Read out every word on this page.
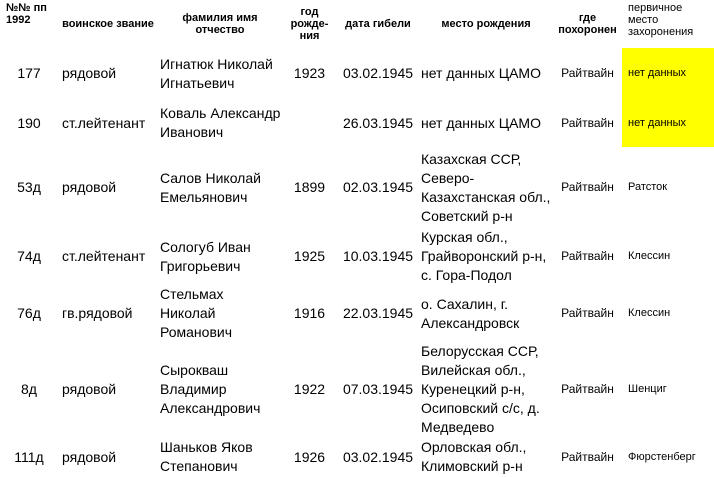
№№ пп 1992	воинское звание	фамилия имя отчество	год рожде-ния	дата гибели	место рождения	где похоронен	первичное место захоронения
177	рядовой	Игнатюк Николай Игнатьевич	1923	03.02.1945	нет данных ЦАМО	Райтвайн	нет данных
190	ст.лейтенант	Коваль Александр Иванович		26.03.1945	нет данных ЦАМО	Райтвайн	нет данных
53д	рядовой	Салов Николай Емельянович	1899	02.03.1945	Казахская ССР, Северо-Казахстанская обл., Советский р-н	Райтвайн	Ратсток
74д	ст.лейтенант	Сологуб Иван Григорьевич	1925	10.03.1945	Курская обл., Грайворонский р-н, с. Гора-Подол	Райтвайн	Клессин
76д	гв.рядовой	Стельмах Николай Романович	1916	22.03.1945	о. Сахалин, г. Александровск	Райтвайн	Клессин
8д	рядовой	Сырокваш Владимир Александрович	1922	07.03.1945	Белорусская ССР, Вилейская обл., Куренецкий р-н, Осиповский с/с, д. Медведево	Райтвайн	Шенциг
111д	рядовой	Шаньков Яков Степанович	1926	03.02.1945	Орловская обл., Климовский р-н	Райтвайн	Фюрстенберг
